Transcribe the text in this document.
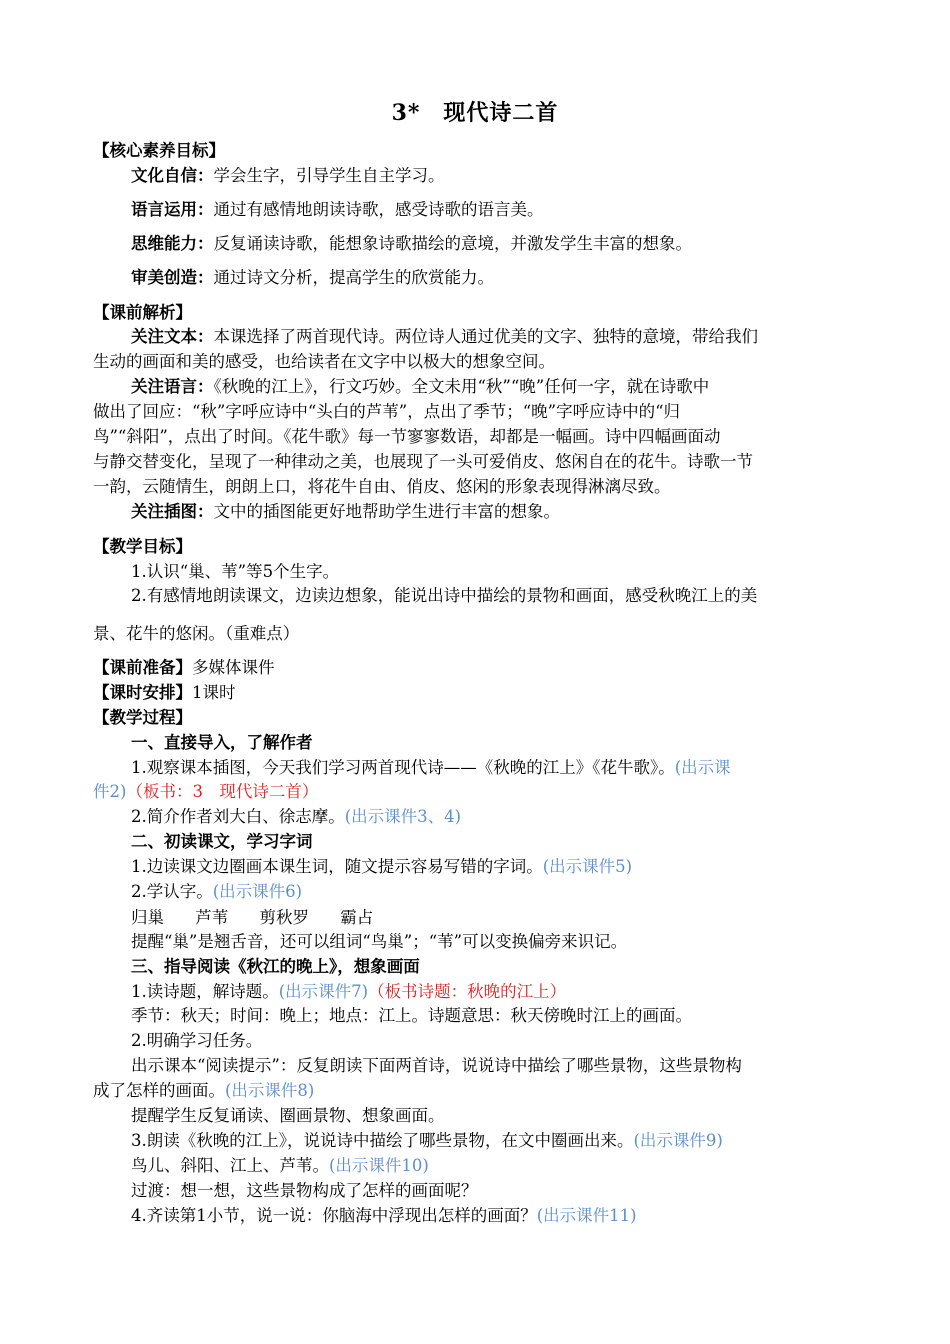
3*　现代诗二首
【核心素养目标】
文化自信：学会生字，引导学生自主学习。
语言运用：通过有感情地朗读诗歌，感受诗歌的语言美。
思维能力：反复诵读诗歌，能想象诗歌描绘的意境，并激发学生丰富的想象。
审美创造：通过诗文分析，提高学生的欣赏能力。
【课前解析】
关注文本：本课选择了两首现代诗。两位诗人通过优美的文字、独特的意境，带给我们
生动的画面和美的感受，也给读者在文字中以极大的想象空间。
关注语言：《秋晚的江上》，行文巧妙。全文未用“秋”“晚”任何一字，就在诗歌中
做出了回应：“秋”字呼应诗中“头白的芦苇”，点出了季节；“晚”字呼应诗中的“归
鸟”“斜阳”，点出了时间。《花牛歌》每一节寥寥数语，却都是一幅画。诗中四幅画面动
与静交替变化，呈现了一种律动之美，也展现了一头可爱俏皮、悠闲自在的花牛。诗歌一节
一韵，云随情生，朗朗上口，将花牛自由、俏皮、悠闲的形象表现得淋漓尽致。
关注插图：文中的插图能更好地帮助学生进行丰富的想象。
【教学目标】
1.认识“巢、苇”等5个生字。
2.有感情地朗读课文，边读边想象，能说出诗中描绘的景物和画面，感受秋晚江上的美
景、花牛的悠闲。（重难点）
【课前准备】多媒体课件
【课时安排】1课时
【教学过程】
一、直接导入，了解作者
1.观察课本插图，今天我们学习两首现代诗——《秋晚的江上》《花牛歌》。(出示课
件2)（板书：3　现代诗二首）
2.简介作者刘大白、徐志摩。(出示课件3、4)
二、初读课文，学习字词
1.边读课文边圈画本课生词，随文提示容易写错的字词。(出示课件5)
2.学认字。(出示课件6)
归巢 芦苇 剪秋罗 霸占
提醒“巢”是翘舌音，还可以组词“鸟巢”；“苇”可以变换偏旁来识记。
三、指导阅读《秋江的晚上》，想象画面
1.读诗题，解诗题。(出示课件7)（板书诗题：秋晚的江上）
季节：秋天；时间：晚上；地点：江上。诗题意思：秋天傍晚时江上的画面。
2.明确学习任务。
出示课本“阅读提示”：反复朗读下面两首诗，说说诗中描绘了哪些景物，这些景物构
成了怎样的画面。(出示课件8)
提醒学生反复诵读、圈画景物、想象画面。
3.朗读《秋晚的江上》，说说诗中描绘了哪些景物，在文中圈画出来。(出示课件9)
鸟儿、斜阳、江上、芦苇。(出示课件10)
过渡：想一想，这些景物构成了怎样的画面呢？
4.齐读第1小节，说一说：你脑海中浮现出怎样的画面？(出示课件11)
